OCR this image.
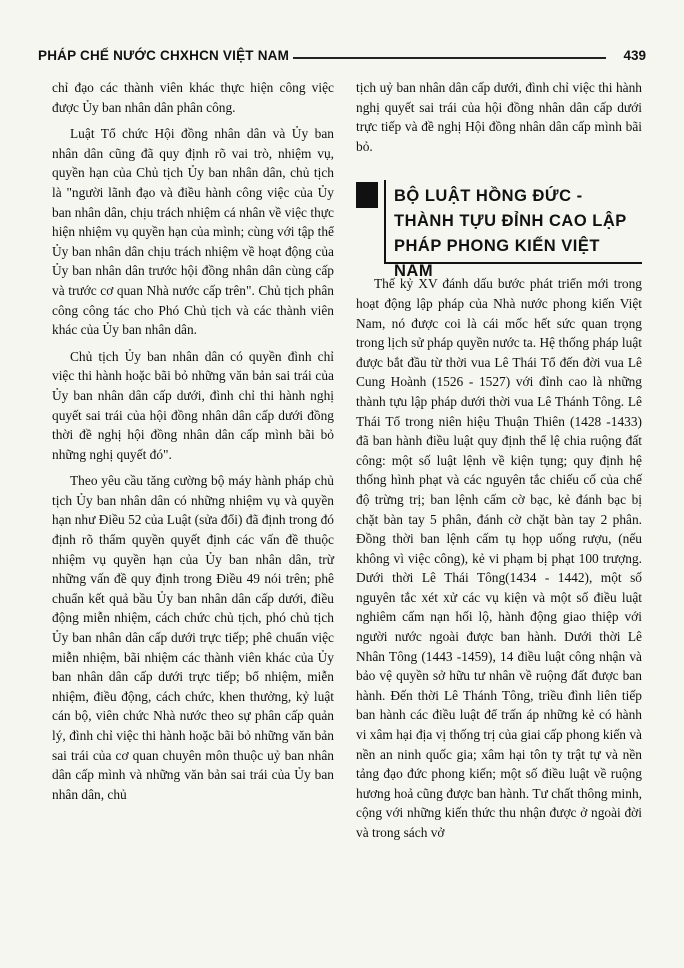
PHÁP CHẾ NƯỚC CHXHCN VIỆT NAM	439

chỉ đạo các thành viên khác thực hiện công việc được Ủy ban nhân dân phân công.

Luật Tổ chức Hội đồng nhân dân và Ủy ban nhân dân cũng đã quy định rõ vai trò, nhiệm vụ, quyền hạn của Chủ tịch Ủy ban nhân dân, chủ tịch là "người lãnh đạo và điều hành công việc của Ủy ban nhân dân, chịu trách nhiệm cá nhân về việc thực hiện nhiệm vụ quyền hạn của mình; cùng với tập thể Ủy ban nhân dân chịu trách nhiệm về hoạt động của Ủy ban nhân dân trước hội đồng nhân dân cùng cấp và trước cơ quan Nhà nước cấp trên". Chủ tịch phân công công tác cho Phó Chủ tịch và các thành viên khác của Ủy ban nhân dân.

Chủ tịch Ủy ban nhân dân có quyền đình chỉ việc thi hành hoặc bãi bỏ những văn bản sai trái của Ủy ban nhân dân cấp dưới, đình chỉ thi hành nghị quyết sai trái của hội đồng nhân dân cấp dưới đồng thời đề nghị hội đồng nhân dân cấp mình bãi bỏ những nghị quyết đó".

Theo yêu cầu tăng cường bộ máy hành pháp chủ tịch Ủy ban nhân dân có những nhiệm vụ và quyền hạn như Điều 52 của Luật (sửa đổi) đã định trong đó định rõ thẩm quyền quyết định các vấn đề thuộc nhiệm vụ quyền hạn của Ủy ban nhân dân, trừ những vấn đề quy định trong Điều 49 nói trên; phê chuẩn kết quả bầu Ủy ban nhân dân cấp dưới, điều động miễn nhiệm, cách chức chủ tịch, phó chủ tịch Ủy ban nhân dân cấp dưới trực tiếp; phê chuẩn việc miễn nhiệm, bãi nhiệm các thành viên khác của Ủy ban nhân dân cấp dưới trực tiếp; bổ nhiệm, miễn nhiệm, điều động, cách chức, khen thưởng, kỷ luật cán bộ, viên chức Nhà nước theo sự phân cấp quản lý, đình chỉ việc thi hành hoặc bãi bỏ những văn bản sai trái của cơ quan chuyên môn thuộc uỷ ban nhân dân cấp mình và những văn bản sai trái của Ủy ban nhân dân, chủ

tịch uỷ ban nhân dân cấp dưới, đình chỉ việc thi hành nghị quyết sai trái của hội đồng nhân dân cấp dưới trực tiếp và đề nghị Hội đồng nhân dân cấp mình bãi bỏ.

BỘ LUẬT HỒNG ĐỨC - THÀNH TỰU ĐỈNH CAO LẬP PHÁP PHONG KIẾN VIỆT NAM

Thế kỷ XV đánh dấu bước phát triển mới trong hoạt động lập pháp của Nhà nước phong kiến Việt Nam, nó được coi là cái mốc hết sức quan trọng trong lịch sử pháp quyền nước ta. Hệ thống pháp luật được bắt đầu từ thời vua Lê Thái Tổ đến đời vua Lê Cung Hoành (1526 - 1527) với đỉnh cao là những thành tựu lập pháp dưới thời vua Lê Thánh Tông. Lê Thái Tổ trong niên hiệu Thuận Thiên (1428 -1433) đã ban hành điều luật quy định thể lệ chia ruộng đất công: một số luật lệnh về kiện tụng; quy định hệ thống hình phạt và các nguyên tắc chiếu cố của chế độ trừng trị; ban lệnh cấm cờ bạc, kẻ đánh bạc bị chặt bàn tay 5 phân, đánh cờ chặt bàn tay 2 phân. Đồng thời ban lệnh cấm tụ họp uống rượu, (nếu không vì việc công), kẻ vi phạm bị phạt 100 trượng. Dưới thời Lê Thái Tông(1434 - 1442), một số nguyên tắc xét xử các vụ kiện và một số điều luật nghiêm cấm nạn hối lộ, hành động giao thiệp với người nước ngoài được ban hành. Dưới thời Lê Nhân Tông (1443 -1459), 14 điều luật công nhận và bảo vệ quyền sở hữu tư nhân về ruộng đất được ban hành. Đến thời Lê Thánh Tông, triều đình liên tiếp ban hành các điều luật để trấn áp những kẻ có hành vi xâm hại địa vị thống trị của giai cấp phong kiến và nền an ninh quốc gia; xâm hại tôn ty trật tự và nền tảng đạo đức phong kiến; một số điều luật về ruộng hương hoả cũng được ban hành. Tư chất thông minh, cộng với những kiến thức thu nhận được ở ngoài đời và trong sách vở
